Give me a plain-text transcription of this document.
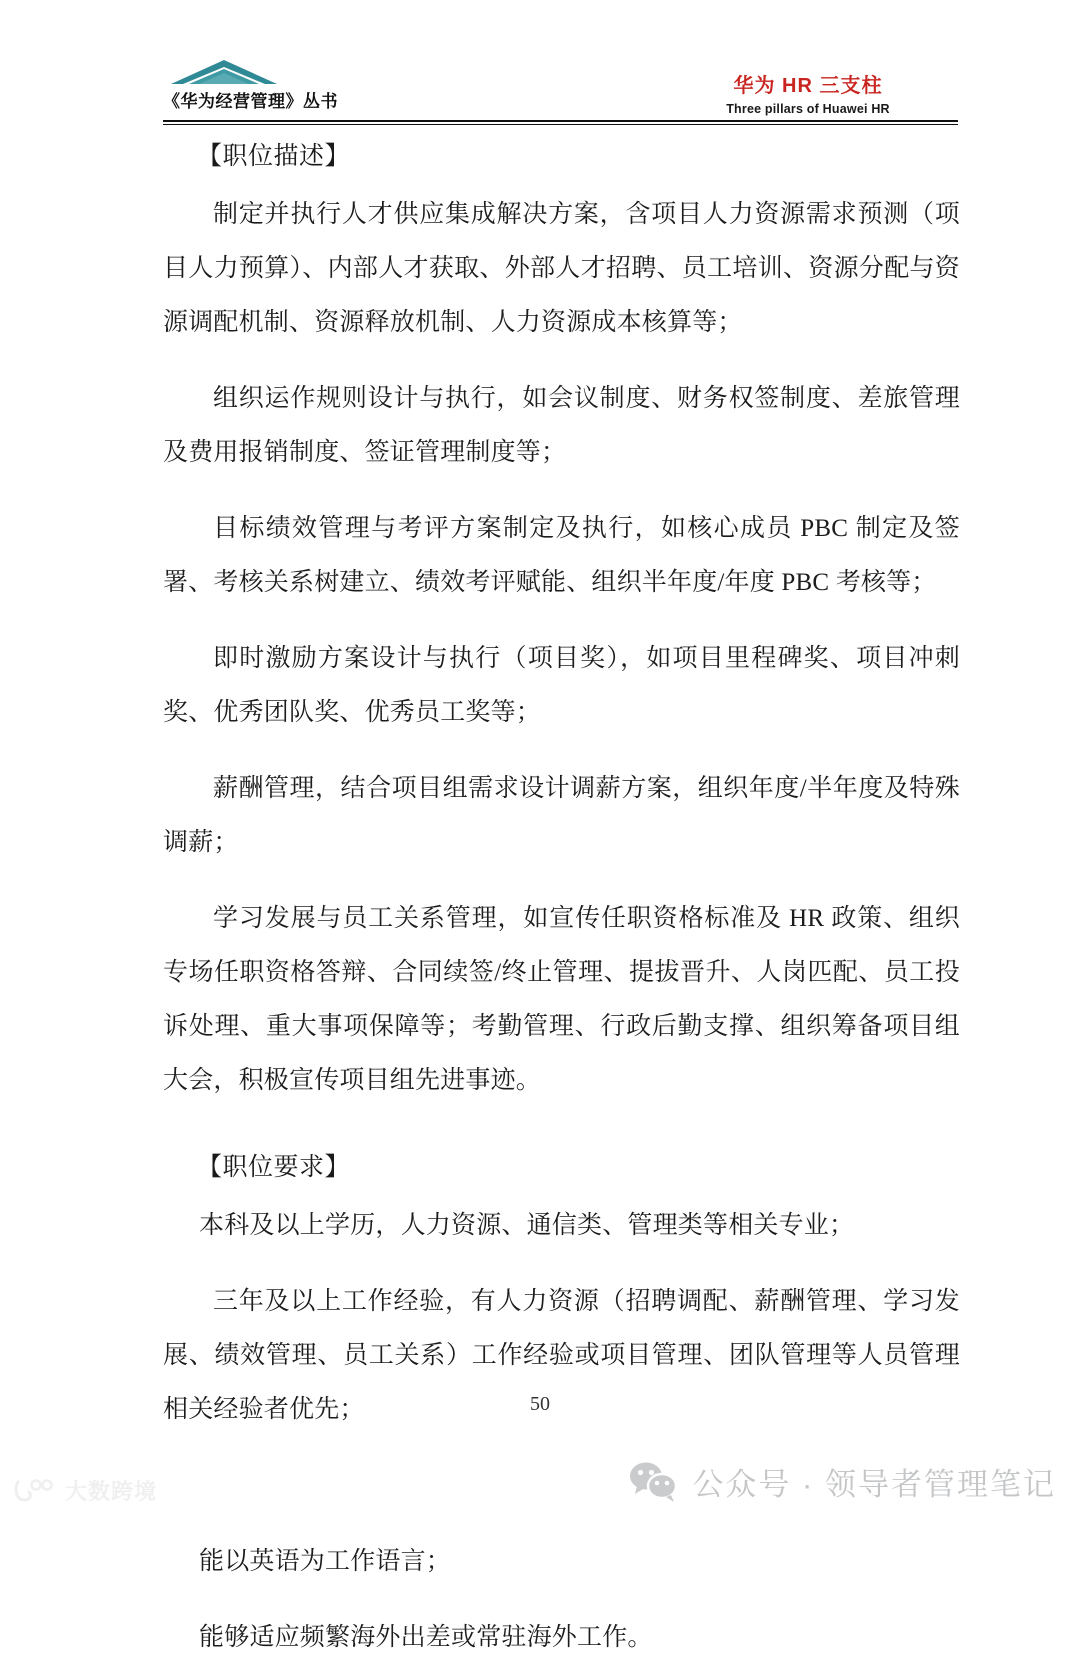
《华为经营管理》丛书
华为 HR 三支柱
Three pillars of Huawei HR
【职位描述】

制定并执行人才供应集成解决方案，含项目人力资源需求预测（项目人力预算）、内部人才获取、外部人才招聘、员工培训、资源分配与资源调配机制、资源释放机制、人力资源成本核算等；

组织运作规则设计与执行，如会议制度、财务权签制度、差旅管理及费用报销制度、签证管理制度等；

目标绩效管理与考评方案制定及执行，如核心成员 PBC 制定及签署、考核关系树建立、绩效考评赋能、组织半年度/年度 PBC 考核等；

即时激励方案设计与执行（项目奖），如项目里程碑奖、项目冲刺奖、优秀团队奖、优秀员工奖等；

薪酬管理，结合项目组需求设计调薪方案，组织年度/半年度及特殊调薪；

学习发展与员工关系管理，如宣传任职资格标准及 HR 政策、组织专场任职资格答辩、合同续签/终止管理、提拔晋升、人岗匹配、员工投诉处理、重大事项保障等；考勤管理、行政后勤支撑、组织筹备项目组大会，积极宣传项目组先进事迹。

【职位要求】

本科及以上学历，人力资源、通信类、管理类等相关专业；

三年及以上工作经验，有人力资源（招聘调配、薪酬管理、学习发展、绩效管理、员工关系）工作经验或项目管理、团队管理等人员管理相关经验者优先；

能以英语为工作语言；

能够适应频繁海外出差或常驻海外工作。

50
公众号 · 领导者管理笔记
大数跨境
